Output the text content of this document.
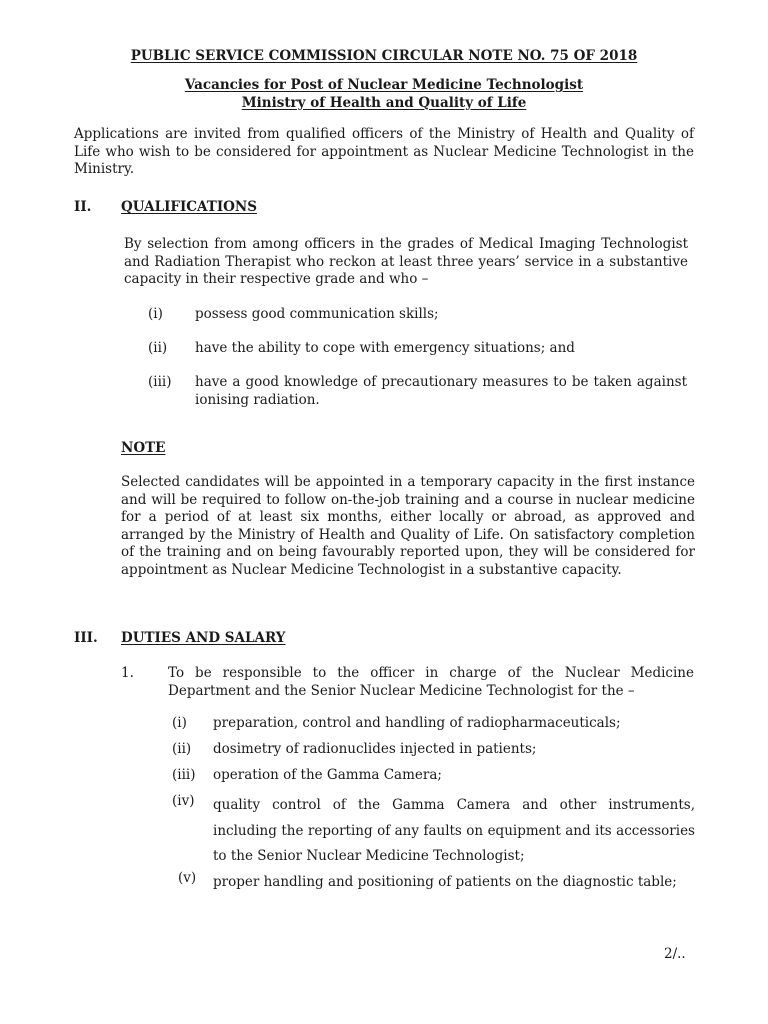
PUBLIC SERVICE COMMISSION CIRCULAR NOTE NO. 75 OF 2018
Vacancies for Post of Nuclear Medicine Technologist
Ministry of Health and Quality of Life
Applications are invited from qualified officers of the Ministry of Health and Quality of Life who wish to be considered for appointment as Nuclear Medicine Technologist in the Ministry.
II. QUALIFICATIONS
By selection from among officers in the grades of Medical Imaging Technologist and Radiation Therapist who reckon at least three years’ service in a substantive capacity in their respective grade and who –
(i) possess good communication skills;
(ii) have the ability to cope with emergency situations; and
(iii) have a good knowledge of precautionary measures to be taken against ionising radiation.
NOTE
Selected candidates will be appointed in a temporary capacity in the first instance and will be required to follow on-the-job training and a course in nuclear medicine for a period of at least six months, either locally or abroad, as approved and arranged by the Ministry of Health and Quality of Life. On satisfactory completion of the training and on being favourably reported upon, they will be considered for appointment as Nuclear Medicine Technologist in a substantive capacity.
III. DUTIES AND SALARY
1.	To be responsible to the officer in charge of the Nuclear Medicine Department and the Senior Nuclear Medicine Technologist for the –
(i) preparation, control and handling of radiopharmaceuticals;
(ii) dosimetry of radionuclides injected in patients;
(iii) operation of the Gamma Camera;
(iv) quality control of the Gamma Camera and other instruments, including the reporting of any faults on equipment and its accessories to the Senior Nuclear Medicine Technologist;
(v) proper handling and positioning of patients on the diagnostic table;
2/..
